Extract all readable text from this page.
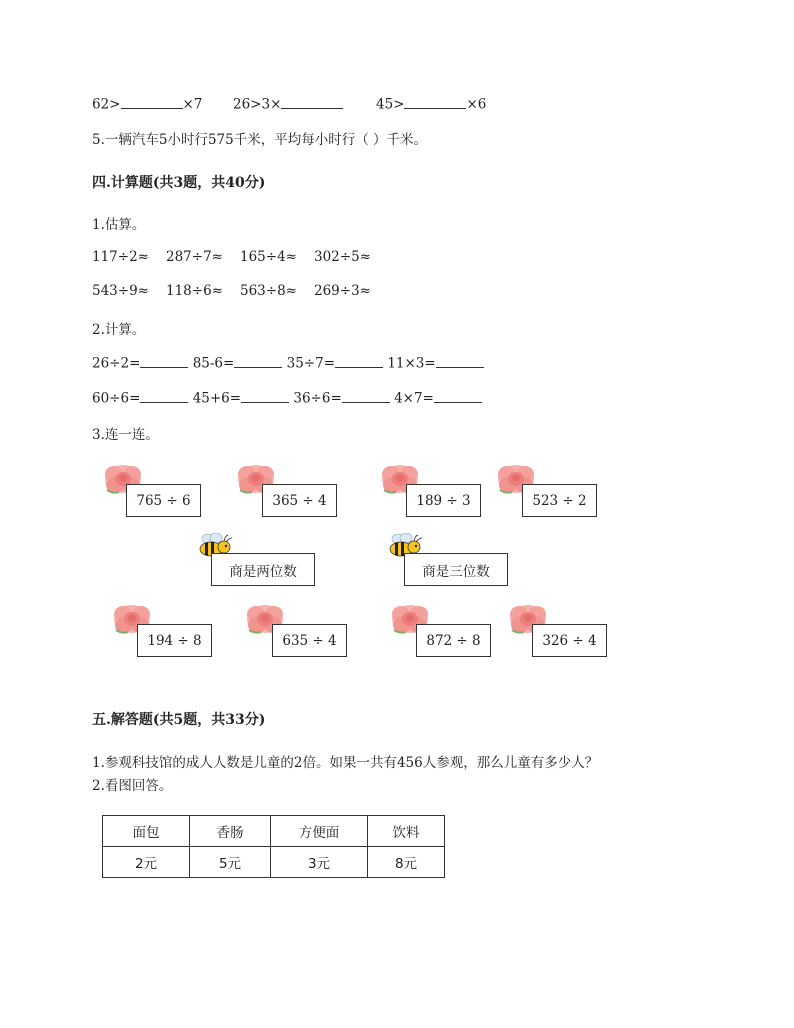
62>	×7 26>3×	45>	×6
5.一辆汽车5小时行575千米，平均每小时行（ ）千米。
四.计算题(共3题，共40分)
1.估算。
117÷2≈ 287÷7≈ 165÷4≈ 302÷5≈
543÷9≈ 118÷6≈ 563÷8≈ 269÷3≈
2.计算。
26÷2=	85-6=	35÷7=	11×3=
60÷6=	45+6=	36÷6=	4×7=
3.连一连。
765 ÷ 6	365 ÷ 4	189 ÷ 3	523 ÷ 2
商是两位数	商是三位数
194 ÷ 8	635 ÷ 4	872 ÷ 8	326 ÷ 4
五.解答题(共5题，共33分)
1.参观科技馆的成人人数是儿童的2倍。如果一共有456人参观，那么儿童有多少人？
2.看图回答。
面包	香肠	方便面	饮料
2元	5元	3元	8元
